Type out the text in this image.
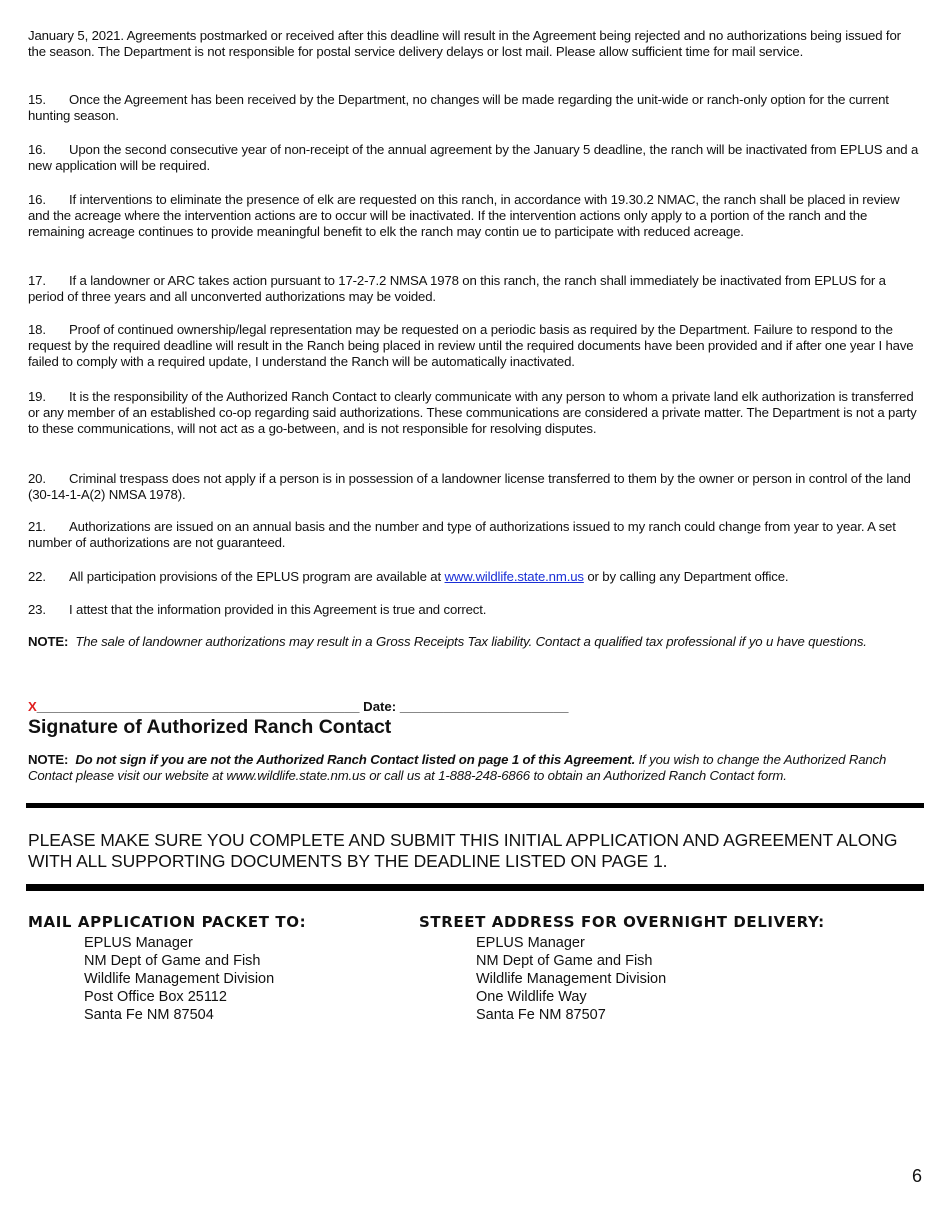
January 5, 2021. Agreements postmarked or received after this deadline will result in the Agreement being rejected and no authorizations being issued for the season. The Department is not responsible for postal service delivery delays or lost mail. Please allow sufficient time for mail service.

15. Once the Agreement has been received by the Department, no changes will be made regarding the unit-wide or ranch-only option for the current hunting season.

16. Upon the second consecutive year of non-receipt of the annual agreement by the January 5 deadline, the ranch will be inactivated from EPLUS and a new application will be required.

16. If interventions to eliminate the presence of elk are requested on this ranch, in accordance with 19.30.2 NMAC, the ranch shall be placed in review and the acreage where the intervention actions are to occur will be inactivated. If the intervention actions only apply to a portion of the ranch and the remaining acreage continues to provide meaningful benefit to elk the ranch may contin ue to participate with reduced acreage.

17. If a landowner or ARC takes action pursuant to 17-2-7.2 NMSA 1978 on this ranch, the ranch shall immediately be inactivated from EPLUS for a period of three years and all unconverted authorizations may be voided.

18. Proof of continued ownership/legal representation may be requested on a periodic basis as required by the Department. Failure to respond to the request by the required deadline will result in the Ranch being placed in review until the required documents have been provided and if after one year I have failed to comply with a required update, I understand the Ranch will be automatically inactivated.

19. It is the responsibility of the Authorized Ranch Contact to clearly communicate with any person to whom a private land elk authorization is transferred or any member of an established co-op regarding said authorizations. These communications are considered a private matter. The Department is not a party to these communications, will not act as a go-between, and is not responsible for resolving disputes.

20. Criminal trespass does not apply if a person is in possession of a landowner license transferred to them by the owner or person in control of the land (30-14-1-A(2) NMSA 1978).

21. Authorizations are issued on an annual basis and the number and type of authorizations issued to my ranch could change from year to year. A set number of authorizations are not guaranteed.

22. All participation provisions of the EPLUS program are available at www.wildlife.state.nm.us or by calling any Department office.

23. I attest that the information provided in this Agreement is true and correct.

NOTE: The sale of landowner authorizations may result in a Gross Receipts Tax liability. Contact a qualified tax professional if yo u have questions.

X____________________________________________ Date: _______________________
Signature of Authorized Ranch Contact

NOTE: Do not sign if you are not the Authorized Ranch Contact listed on page 1 of this Agreement. If you wish to change the Authorized Ranch Contact please visit our website at www.wildlife.state.nm.us or call us at 1-888-248-6866 to obtain an Authorized Ranch Contact form.

PLEASE MAKE SURE YOU COMPLETE AND SUBMIT THIS INITIAL APPLICATION AND AGREEMENT ALONG WITH ALL SUPPORTING DOCUMENTS BY THE DEADLINE LISTED ON PAGE 1.
MAIL APPLICATION PACKET TO:
EPLUS Manager
NM Dept of Game and Fish
Wildlife Management Division
Post Office Box 25112
Santa Fe NM 87504
STREET ADDRESS FOR OVERNIGHT DELIVERY:
EPLUS Manager
NM Dept of Game and Fish
Wildlife Management Division
One Wildlife Way
Santa Fe NM 87507
6
